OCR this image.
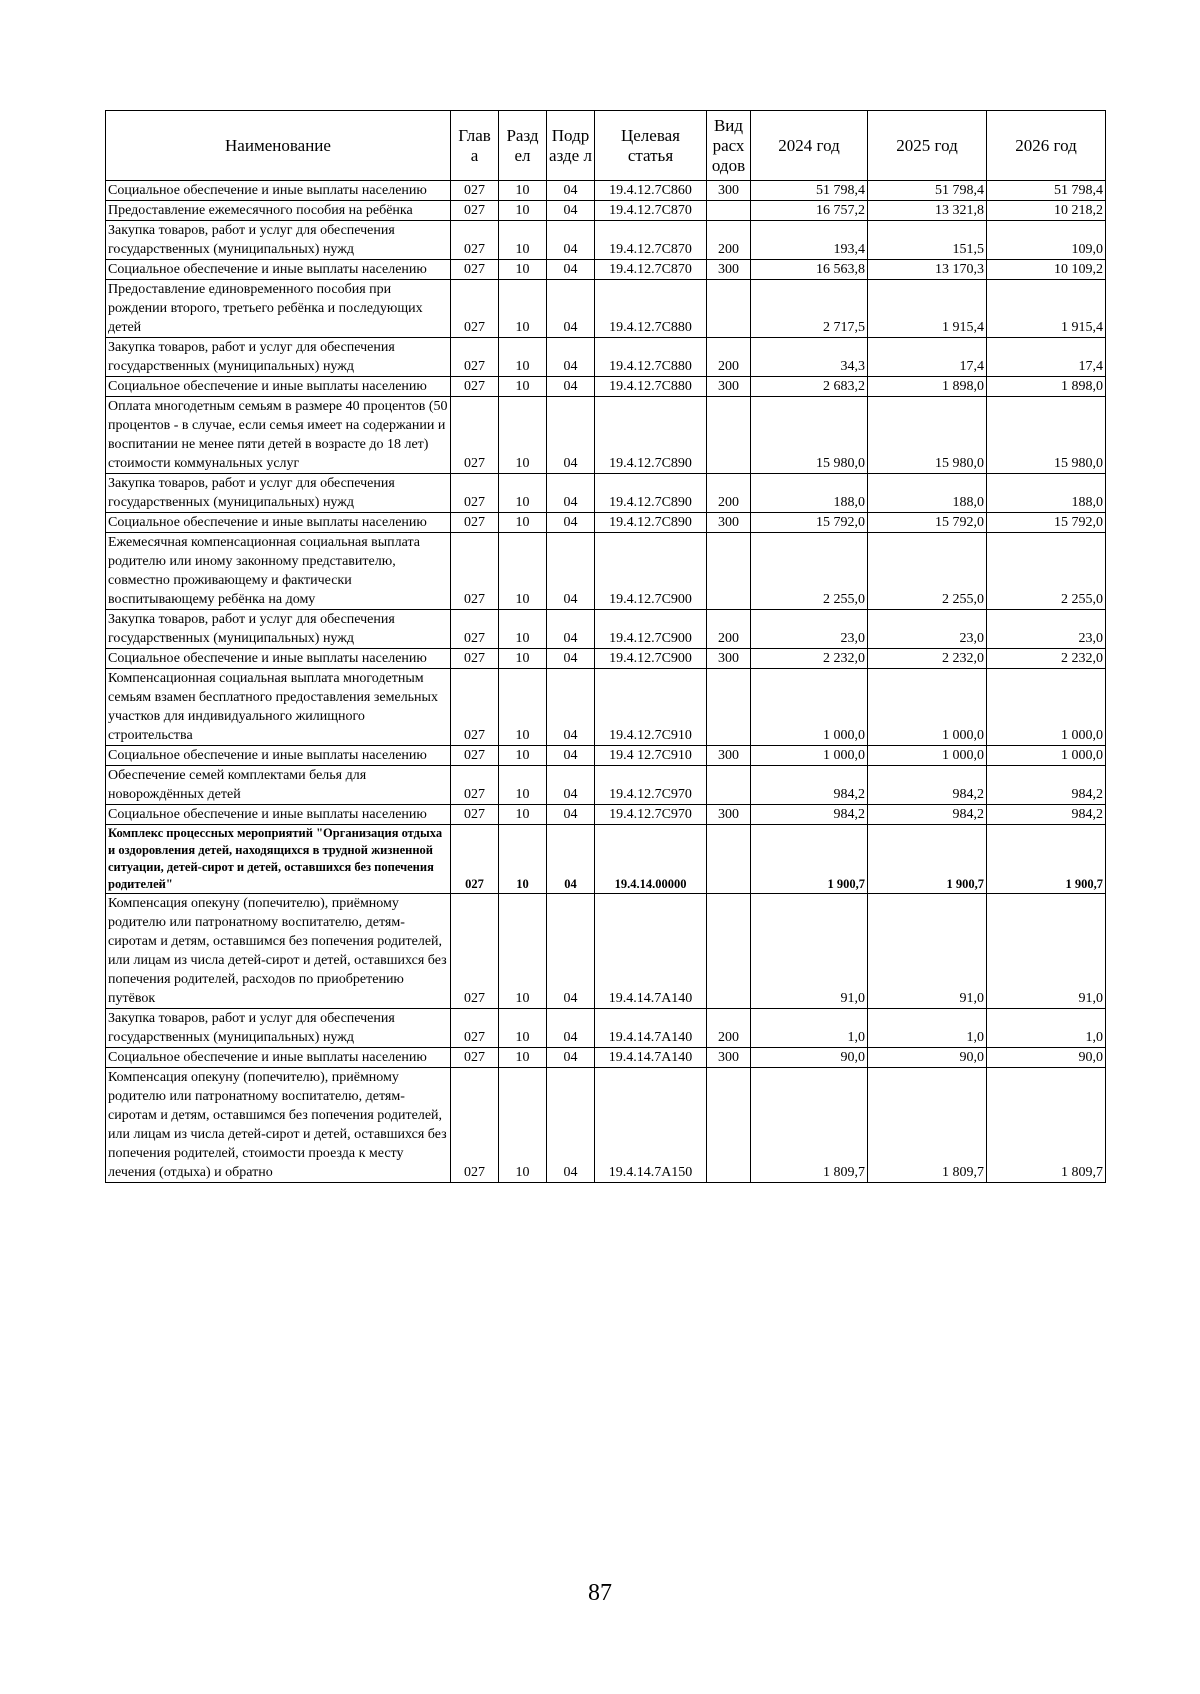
Наименование	Глав а	Разд ел	Подр азде л	Целевая статья	Вид расх одов	2024 год	2025 год	2026 год
Социальное обеспечение и иные выплаты населению	027	10	04	19.4.12.7C860	300	51 798,4	51 798,4	51 798,4
Предоставление ежемесячного пособия на ребёнка	027	10	04	19.4.12.7C870		16 757,2	13 321,8	10 218,2
Закупка товаров, работ и услуг для обеспечения государственных (муниципальных) нужд	027	10	04	19.4.12.7C870	200	193,4	151,5	109,0
Социальное обеспечение и иные выплаты населению	027	10	04	19.4.12.7C870	300	16 563,8	13 170,3	10 109,2
Предоставление единовременного пособия при рождении второго, третьего ребёнка и последующих детей	027	10	04	19.4.12.7C880		2 717,5	1 915,4	1 915,4
Закупка товаров, работ и услуг для обеспечения государственных (муниципальных) нужд	027	10	04	19.4.12.7C880	200	34,3	17,4	17,4
Социальное обеспечение и иные выплаты населению	027	10	04	19.4.12.7C880	300	2 683,2	1 898,0	1 898,0
Оплата многодетным семьям в размере 40 процентов (50 процентов - в случае, если семья имеет на содержании и воспитании не менее пяти детей в возрасте до 18 лет) стоимости коммунальных услуг	027	10	04	19.4.12.7C890		15 980,0	15 980,0	15 980,0
Закупка товаров, работ и услуг для обеспечения государственных (муниципальных) нужд	027	10	04	19.4.12.7C890	200	188,0	188,0	188,0
Социальное обеспечение и иные выплаты населению	027	10	04	19.4.12.7C890	300	15 792,0	15 792,0	15 792,0
Ежемесячная компенсационная социальная выплата родителю или иному законному представителю, совместно проживающему и фактически воспитывающему ребёнка на дому	027	10	04	19.4.12.7C900		2 255,0	2 255,0	2 255,0
Закупка товаров, работ и услуг для обеспечения государственных (муниципальных) нужд	027	10	04	19.4.12.7C900	200	23,0	23,0	23,0
Социальное обеспечение и иные выплаты населению	027	10	04	19.4.12.7C900	300	2 232,0	2 232,0	2 232,0
Компенсационная социальная выплата многодетным семьям взамен бесплатного предоставления земельных участков для индивидуального жилищного строительства	027	10	04	19.4.12.7C910		1 000,0	1 000,0	1 000,0
Социальное обеспечение и иные выплаты населению	027	10	04	19.4 12.7C910	300	1 000,0	1 000,0	1 000,0
Обеспечение семей комплектами белья для новорождённых детей	027	10	04	19.4.12.7C970		984,2	984,2	984,2
Социальное обеспечение и иные выплаты населению	027	10	04	19.4.12.7C970	300	984,2	984,2	984,2
Комплекс процессных мероприятий "Организация отдыха и оздоровления детей, находящихся в трудной жизненной ситуации, детей-сирот и детей, оставшихся без попечения родителей"	027	10	04	19.4.14.00000		1 900,7	1 900,7	1 900,7
Компенсация опекуну (попечителю), приёмному родителю или патронатному воспитателю, детям-сиротам и детям, оставшимся без попечения родителей, или лицам из числа детей-сирот и детей, оставшихся без попечения родителей, расходов по приобретению путёвок	027	10	04	19.4.14.7A140		91,0	91,0	91,0
Закупка товаров, работ и услуг для обеспечения государственных (муниципальных) нужд	027	10	04	19.4.14.7A140	200	1,0	1,0	1,0
Социальное обеспечение и иные выплаты населению	027	10	04	19.4.14.7A140	300	90,0	90,0	90,0
Компенсация опекуну (попечителю), приёмному родителю или патронатному воспитателю, детям-сиротам и детям, оставшимся без попечения родителей, или лицам из числа детей-сирот и детей, оставшихся без попечения родителей, стоимости проезда к месту лечения (отдыха) и обратно	027	10	04	19.4.14.7A150		1 809,7	1 809,7	1 809,7
87
